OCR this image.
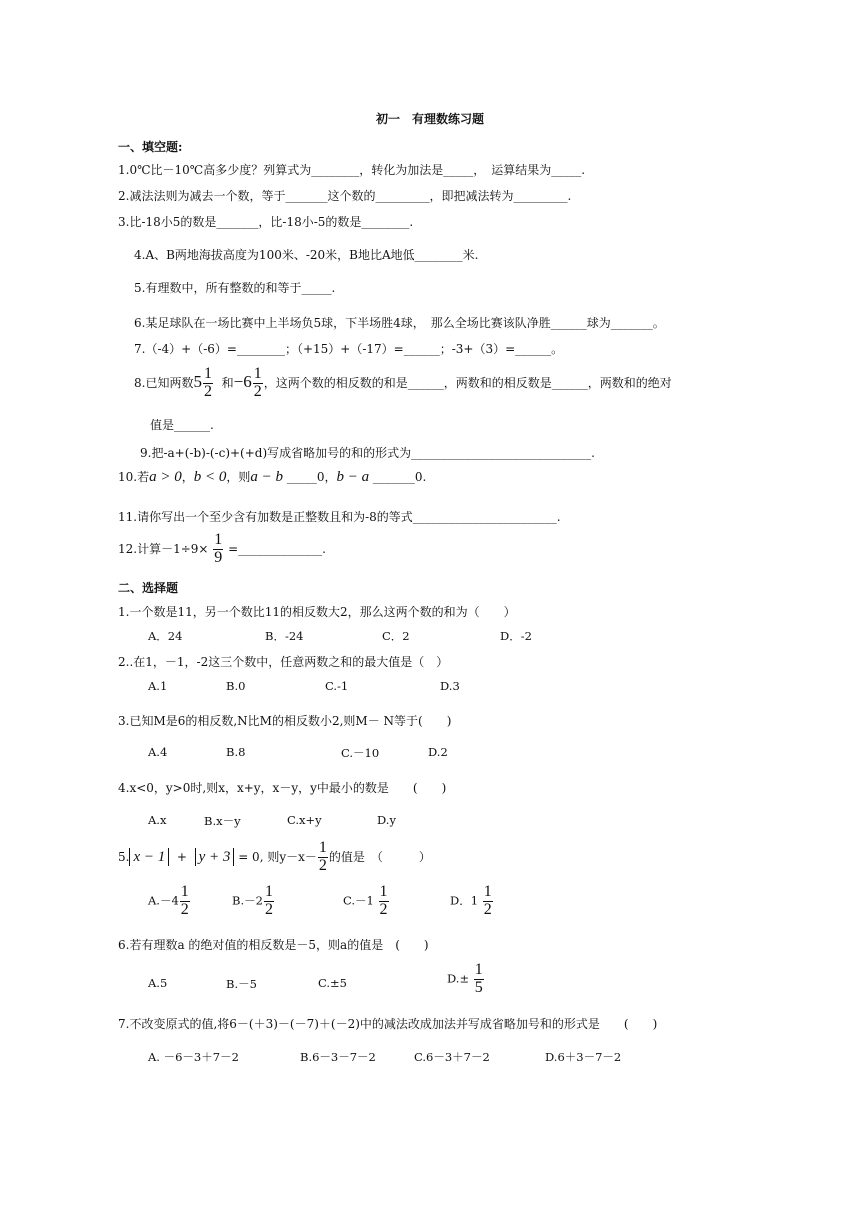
初一　有理数练习题
一、填空题:
1.0℃比－10℃高多少度？列算式为________，转化为加法是_____，　运算结果为_____.
2.减法法则为减去一个数，等于_______这个数的_________，即把减法转为_________.
3.比-18小5的数是_______，比-18小-5的数是________.
4.A、B两地海拔高度为100米、-20米，B地比A地低________米.
5.有理数中，所有整数的和等于_____.
6.某足球队在一场比赛中上半场负5球，下半场胜4球，　那么全场比赛该队净胜______球为_______。
7.（-4）+（-6）=________；（+15）+（-17）=______；-3+（3）=______。
8.已知两数$5 \frac{1}{2}$ 和$-6 \frac{1}{2}$ ，这两个数的相反数的和是______，两数和的相反数是______，两数和的绝对
值是______.
9.把-a+(-b)-(-c)+(+d)写成省略加号的和的形式为______________________________.
10.若a > 0，b < 0，则a − b _____0，b − a _______0.
11.请你写出一个至少含有加数是正整数且和为-8的等式________________________.
12.计算$-1\div 9\times \frac{1}{9}$ =______________.
二、选择题
1.一个数是11，另一个数比11的相反数大2，那么这两个数的和为（　　）
A．24	B．-24	C．2	D．-2
2..在1，－1，-2这三个数中，任意两数之和的最大值是（　）
A.1	B.0	C.-1	D.3
3.已知M是6的相反数,N比M的相反数小2,则M－ N等于(　　)
A.4	B.8	C.－10	D.2
4.x<0，y>0时,则x，x+y，x－y，y中最小的数是　　(　　)
A.x	B.x－y	C.x+y	D.y
5. x − 1 + y + 3 = 0, 则$y-x- \frac{1}{2}$ 的值是　（　　　）
$A.-4 \frac{1}{2}$	$B.-2 \frac{1}{2}$	$C.-1 \frac{1}{2}$	D．$1 \frac{1}{2}$
6.若有理数a 的绝对值的相反数是－5，则a的值是　(　　)
A.5	B.－5	C.±5	$D.\pm \frac{1}{5}$
7.不改变原式的值,将6－(＋3)－(－7)＋(－2)中的减法改成加法并写成省略加号和的形式是　　(　　)
A. －6－3＋7－2	B.6－3－7－2	C.6－3＋7－2	D.6＋3－7－2
